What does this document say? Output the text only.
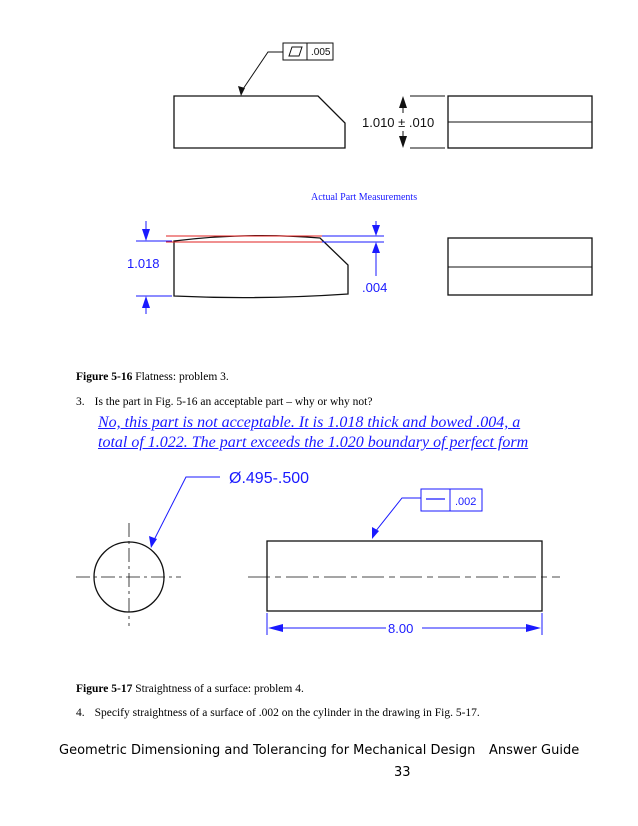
.005
1.010 ± .010
Actual Part Measurements
1.018
.004
Figure 5-16 Flatness: problem 3.
3. Is the part in Fig. 5-16 an acceptable part – why or why not?
No, this part is not acceptable. It is 1.018 thick and bowed .004, a
total of 1.022. The part exceeds the 1.020 boundary of perfect form
Ø.495-.500
.002
8.00
Figure 5-17 Straightness of a surface: problem 4.
4. Specify straightness of a surface of .002 on the cylinder in the drawing in Fig. 5-17.
Geometric Dimensioning and Tolerancing for Mechanical Design Answer Guide
33
